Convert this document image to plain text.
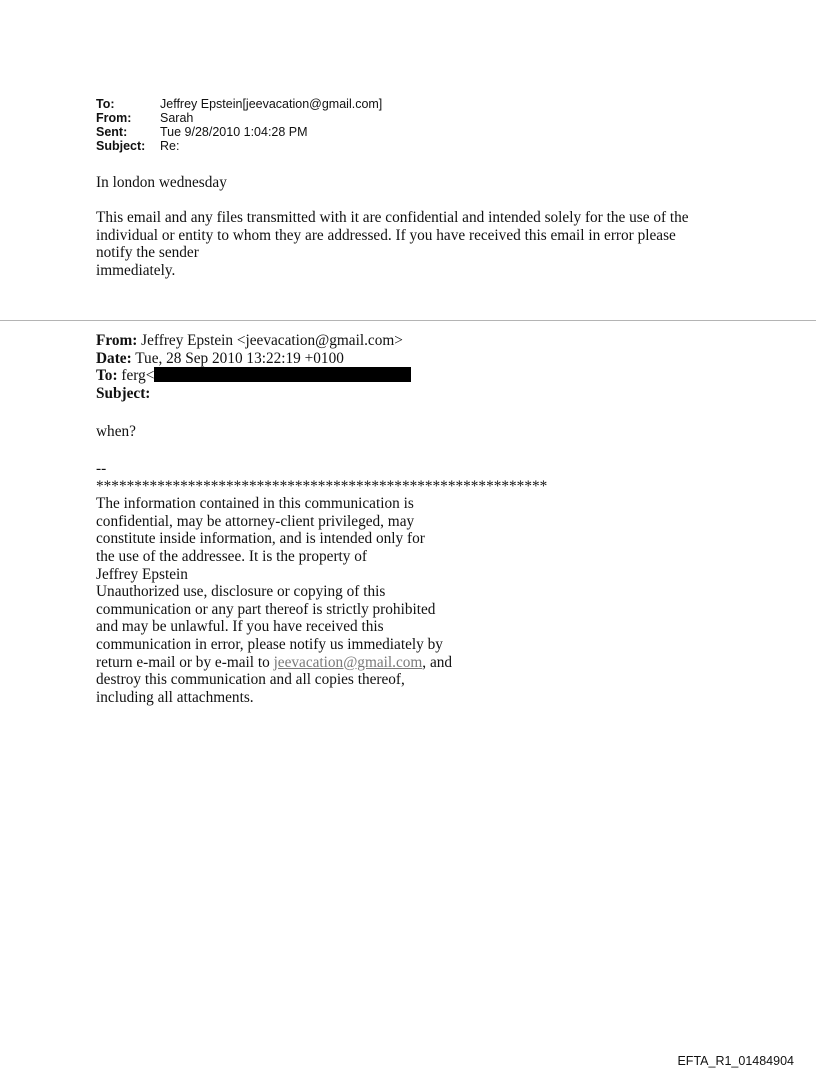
To:	Jeffrey Epstein[jeevacation@gmail.com]
From:	Sarah
Sent:	Tue 9/28/2010 1:04:28 PM
Subject:	Re:
In london wednesday
This email and any files transmitted with it are confidential and intended solely for the use of the
individual or entity to whom they are addressed. If you have received this email in error please
notify the sender
immediately.
From: Jeffrey Epstein <jeevacation@gmail.com>
Date: Tue, 28 Sep 2010 13:22:19 +0100
To: ferg<
Subject:
when?
--
***********************************************************
The information contained in this communication is
confidential, may be attorney-client privileged, may
constitute inside information, and is intended only for
the use of the addressee. It is the property of
Jeffrey Epstein
Unauthorized use, disclosure or copying of this
communication or any part thereof is strictly prohibited
and may be unlawful. If you have received this
communication in error, please notify us immediately by
return e-mail or by e-mail to jeevacation@gmail.com, and
destroy this communication and all copies thereof,
including all attachments.
EFTA_R1_01484904
